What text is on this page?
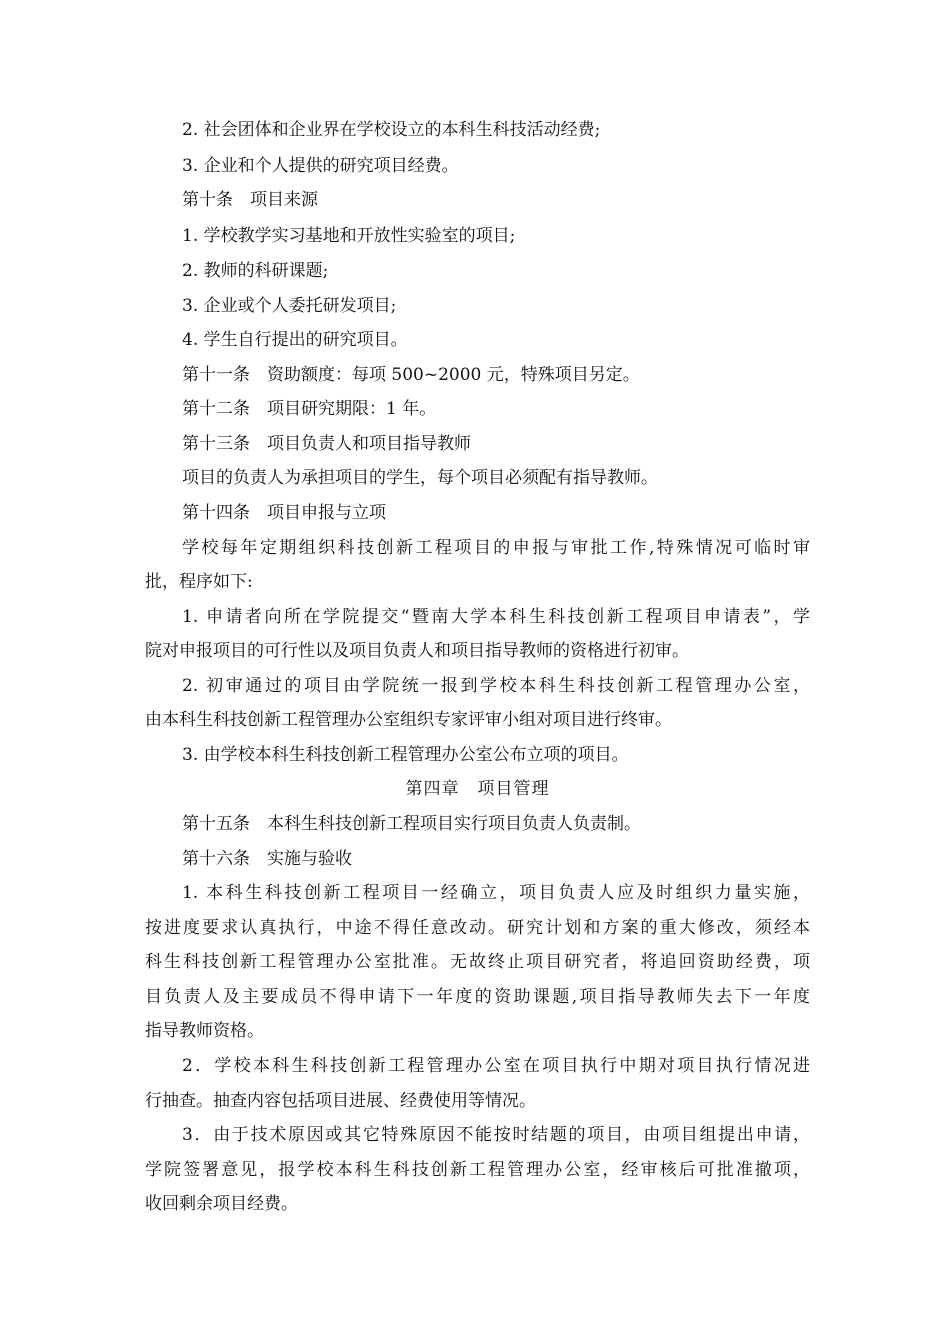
2. 社会团体和企业界在学校设立的本科生科技活动经费;

3. 企业和个人提供的研究项目经费。

第十条　项目来源

1. 学校教学实习基地和开放性实验室的项目;

2. 教师的科研课题;

3. 企业或个人委托研发项目;

4. 学生自行提出的研究项目。

第十一条　资助额度：每项 500~2000 元，特殊项目另定。

第十二条　项目研究期限：1 年。

第十三条　项目负责人和项目指导教师

项目的负责人为承担项目的学生，每个项目必须配有指导教师。

第十四条　项目申报与立项

学校每年定期组织科技创新工程项目的申报与审批工作,特殊情况可临时审

批，程序如下:

1. 申请者向所在学院提交“暨南大学本科生科技创新工程项目申请表”，学

院对申报项目的可行性以及项目负责人和项目指导教师的资格进行初审。

2. 初审通过的项目由学院统一报到学校本科生科技创新工程管理办公室，

由本科生科技创新工程管理办公室组织专家评审小组对项目进行终审。

3. 由学校本科生科技创新工程管理办公室公布立项的项目。

第四章　项目管理

第十五条　本科生科技创新工程项目实行项目负责人负责制。

第十六条　实施与验收

1. 本科生科技创新工程项目一经确立，项目负责人应及时组织力量实施，

按进度要求认真执行，中途不得任意改动。研究计划和方案的重大修改，须经本

科生科技创新工程管理办公室批准。无故终止项目研究者，将追回资助经费，项

目负责人及主要成员不得申请下一年度的资助课题,项目指导教师失去下一年度

指导教师资格。

2．学校本科生科技创新工程管理办公室在项目执行中期对项目执行情况进

行抽查。抽查内容包括项目进展、经费使用等情况。

3．由于技术原因或其它特殊原因不能按时结题的项目，由项目组提出申请，

学院签署意见，报学校本科生科技创新工程管理办公室，经审核后可批准撤项，

收回剩余项目经费。
